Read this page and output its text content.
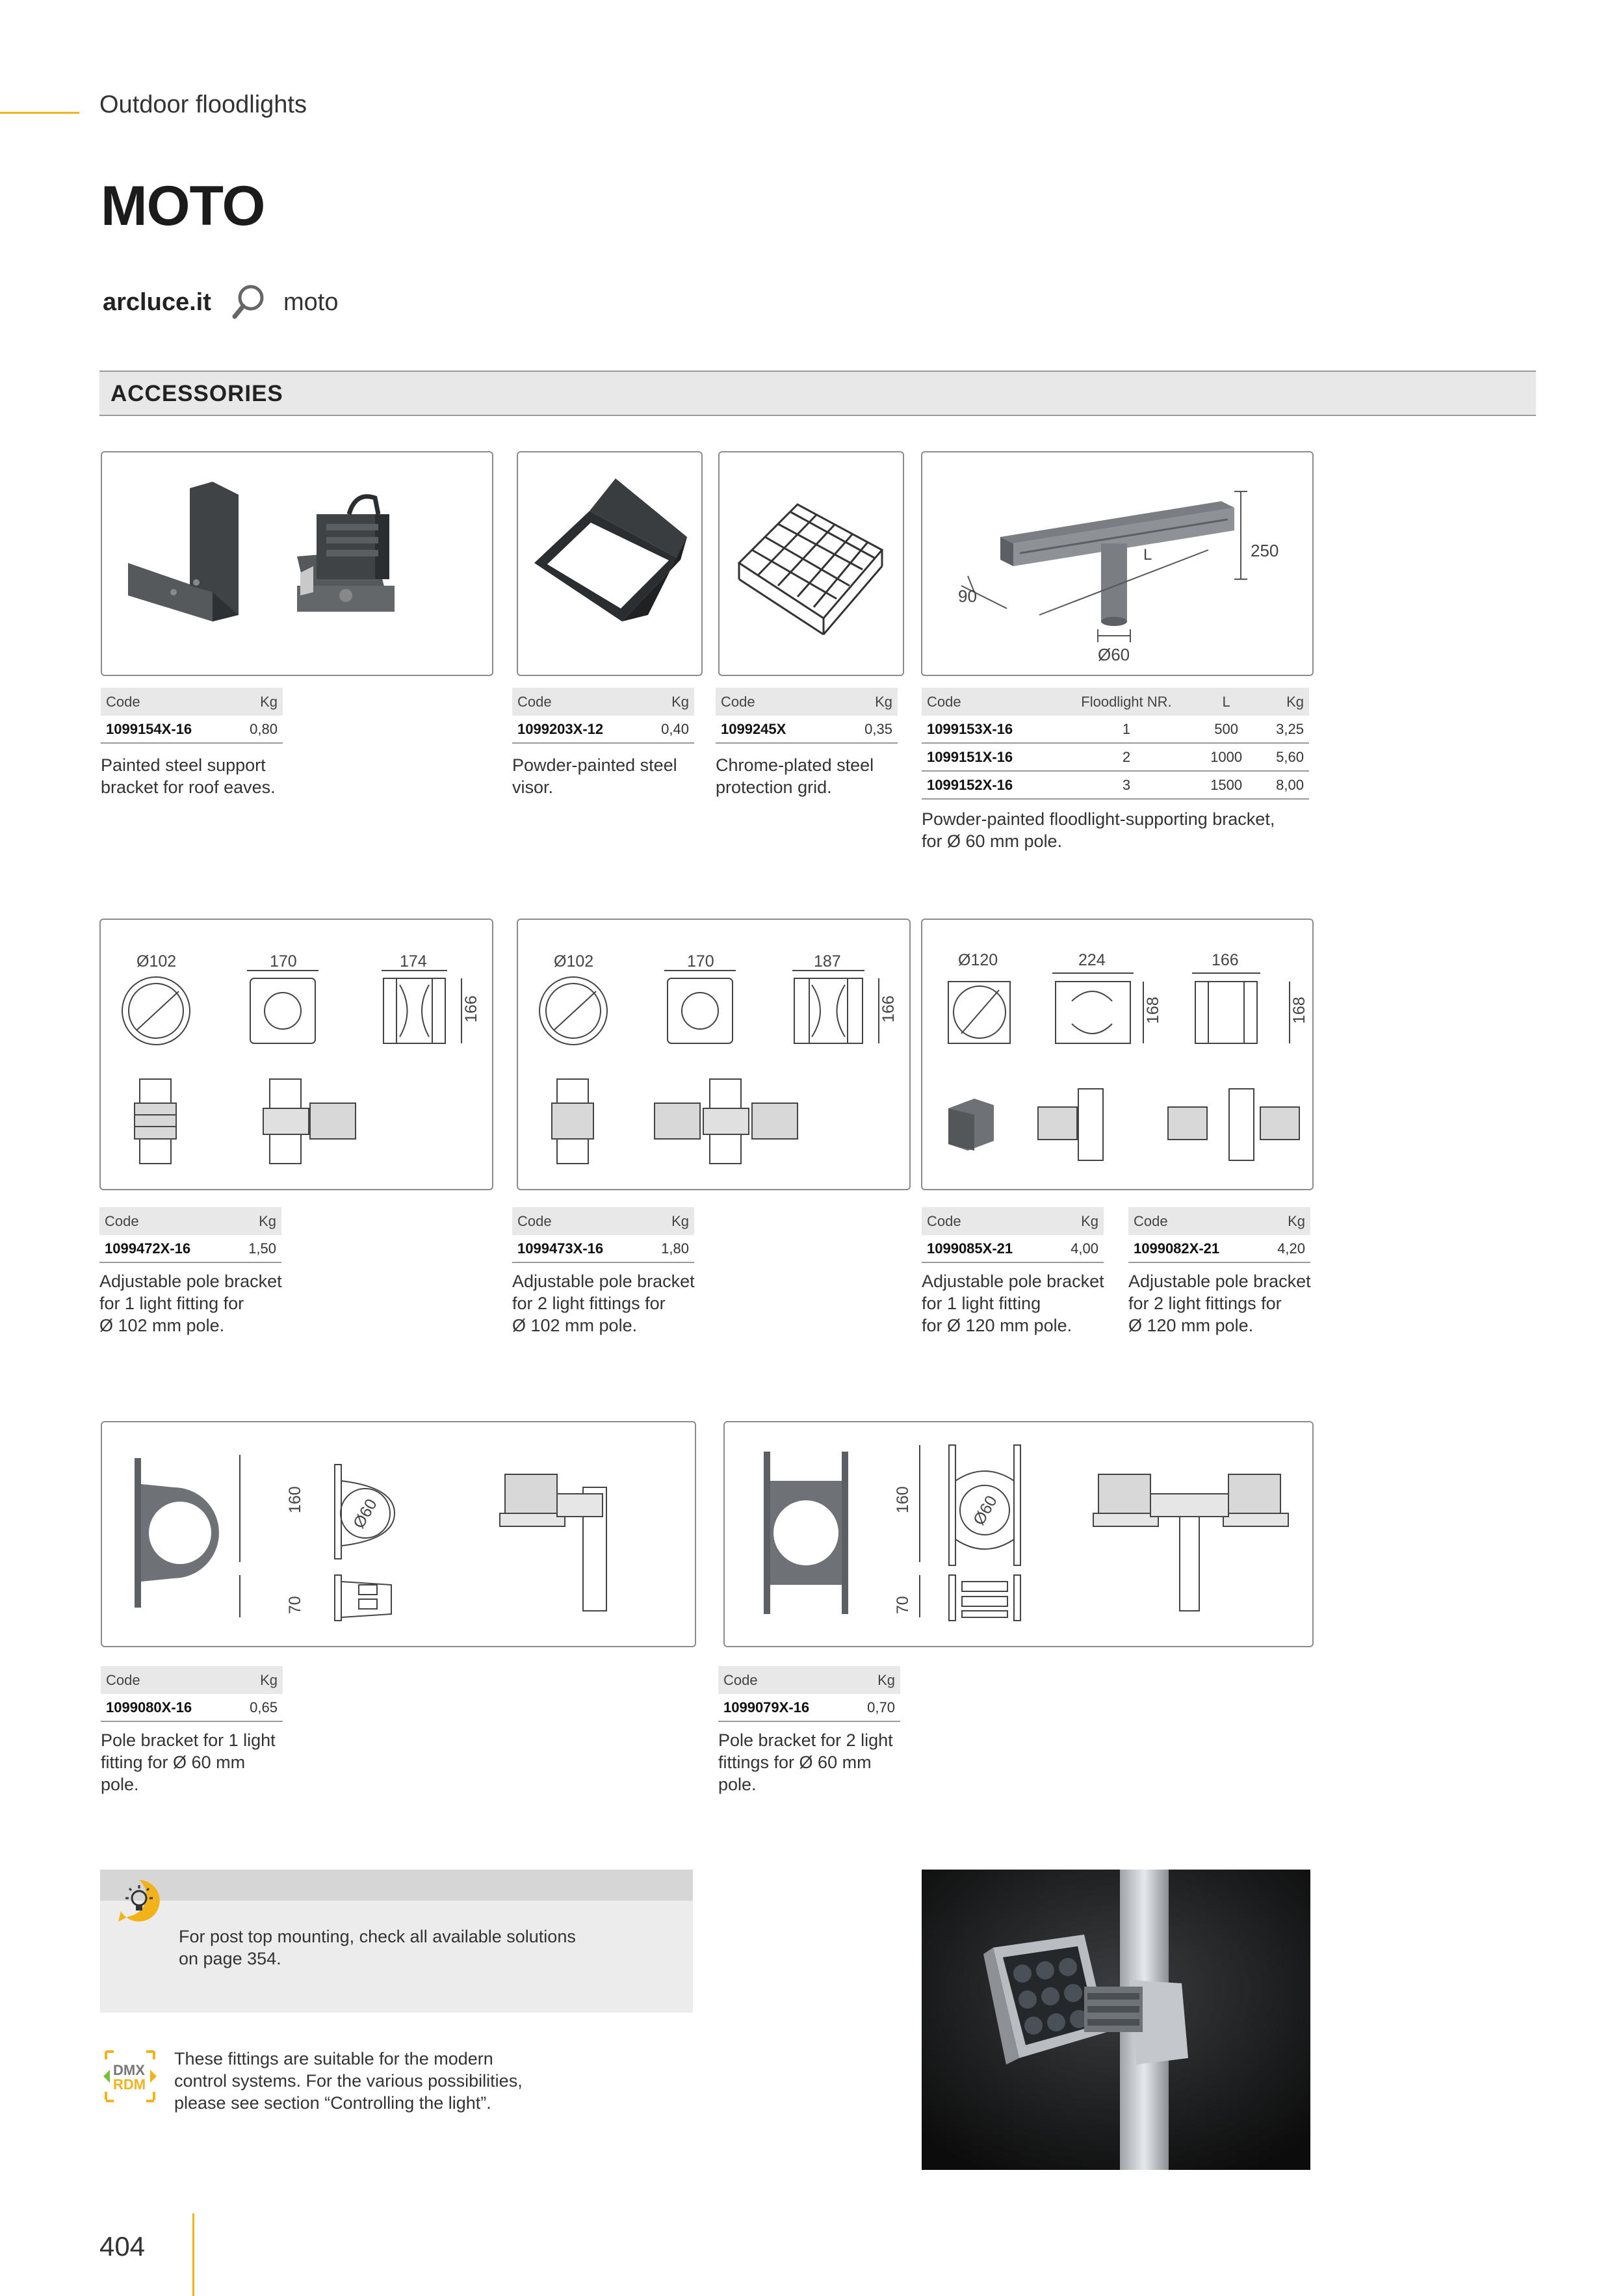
Outdoor floodlights
MOTO
arcluce.it	moto
ACCESSORIES
Code	Kg
1099154X-16	0,80
Painted steel support
bracket for roof eaves.
Code	Kg
1099203X-12	0,40
Powder-painted steel
visor.
Code	Kg
1099245X	0,35
Chrome-plated steel
protection grid.
250
L
90
Ø60
Code	Floodlight NR.	L	Kg
1099153X-16	1	500	3,25
1099151X-16	2	1000	5,60
1099152X-16	3	1500	8,00
Powder-painted floodlight-supporting bracket,
for Ø 60 mm pole.
Ø102	170	174
166
Code	Kg
1099472X-16	1,50
Adjustable pole bracket
for 1 light fitting for
Ø 102 mm pole.
Ø102	170	187
166
Code	Kg
1099473X-16	1,80
Adjustable pole bracket
for 2 light fittings for
Ø 102 mm pole.
Ø120	224	166
168	168
Code	Kg
1099085X-21	4,00
Adjustable pole bracket
for 1 light fitting
for Ø 120 mm pole.
Code	Kg
1099082X-21	4,20
Adjustable pole bracket
for 2 light fittings for
Ø 120 mm pole.
160	Ø60
70
Code	Kg
1099080X-16	0,65
Pole bracket for 1 light
fitting for Ø 60 mm
pole.
160	Ø60
70
Code	Kg
1099079X-16	0,70
Pole bracket for 2 light
fittings for Ø 60 mm
pole.
For post top mounting, check all available solutions
on page 354.
DMX
RDM
These fittings are suitable for the modern
control systems. For the various possibilities,
please see section “Controlling the light”.
404
